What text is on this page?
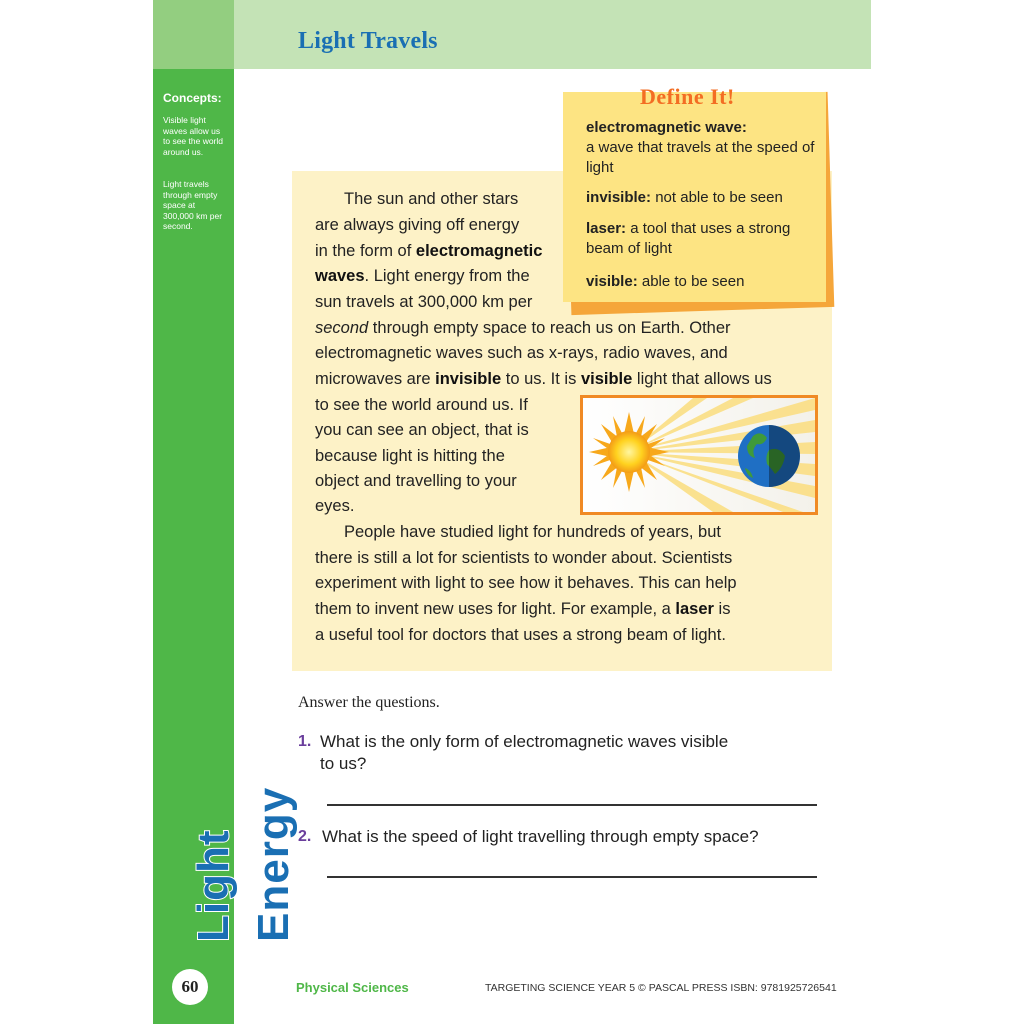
Concepts:
Visible light waves allow us to see the world around us.
Light travels through empty space at 300,000 km per second.
Light Energy
60
Light Travels
The sun and other stars
are always giving off energy
in the form of electromagnetic
waves. Light energy from the
sun travels at 300,000 km per
second through empty space to reach us on Earth. Other
electromagnetic waves such as x-rays, radio waves, and
microwaves are invisible to us. It is visible light that allows us
to see the world around us. If
you can see an object, that is
because light is hitting the
object and travelling to your
eyes.
People have studied light for hundreds of years, but
there is still a lot for scientists to wonder about. Scientists
experiment with light to see how it behaves. This can help
them to invent new uses for light. For example, a laser is
a useful tool for doctors that uses a strong beam of light.
Define It!
electromagnetic wave:
a wave that travels at the speed of light
invisible: not able to be seen
laser: a tool that uses a strong beam of light
visible: able to be seen
Answer the questions.
1. What is the only form of electromagnetic waves visible
to us?
2. What is the speed of light travelling through empty space?
Physical Sciences	TARGETING SCIENCE YEAR 5 © PASCAL PRESS ISBN: 9781925726541
